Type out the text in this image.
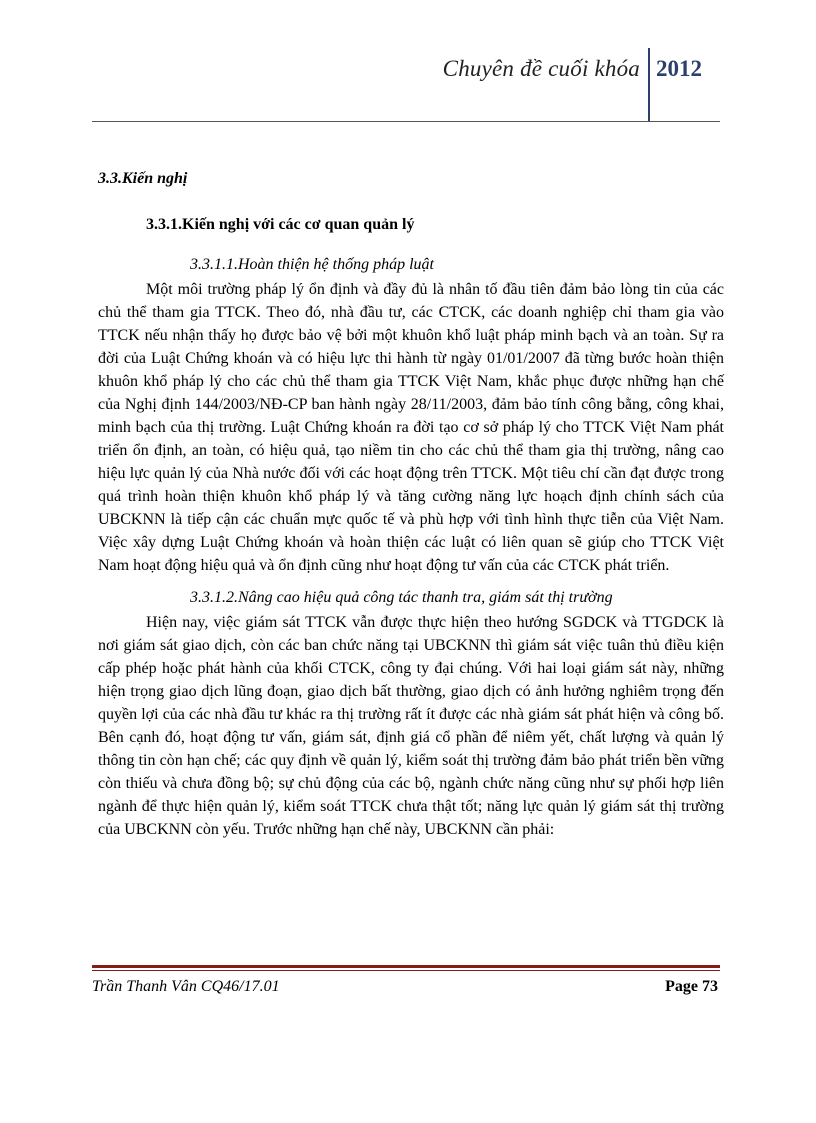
Chuyên đề cuối khóa 2012

3.3.Kiến nghị

3.3.1.Kiến nghị với các cơ quan quản lý

3.3.1.1.Hoàn thiện hệ thống pháp luật

Một môi trường pháp lý ổn định và đầy đủ là nhân tố đầu tiên đảm bảo lòng tin của các chủ thể tham gia TTCK. Theo đó, nhà đầu tư, các CTCK, các doanh nghiệp chỉ tham gia vào TTCK nếu nhận thấy họ được bảo vệ bởi một khuôn khổ luật pháp minh bạch và an toàn. Sự ra đời của Luật Chứng khoán và có hiệu lực thi hành từ ngày 01/01/2007 đã từng bước hoàn thiện khuôn khổ pháp lý cho các chủ thể tham gia TTCK Việt Nam, khắc phục được những hạn chế của Nghị định 144/2003/NĐ-CP ban hành ngày 28/11/2003, đảm bảo tính công bằng, công khai, minh bạch của thị trường. Luật Chứng khoán ra đời tạo cơ sở pháp lý cho TTCK Việt Nam phát triển ổn định, an toàn, có hiệu quả, tạo niềm tin cho các chủ thể tham gia thị trường, nâng cao hiệu lực quản lý của Nhà nước đối với các hoạt động trên TTCK. Một tiêu chí cần đạt được trong quá trình hoàn thiện khuôn khổ pháp lý và tăng cường năng lực hoạch định chính sách của UBCKNN là tiếp cận các chuẩn mực quốc tế và phù hợp với tình hình thực tiễn của Việt Nam. Việc xây dựng Luật Chứng khoán và hoàn thiện các luật có liên quan sẽ giúp cho TTCK Việt Nam hoạt động hiệu quả và ổn định cũng như hoạt động tư vấn của các CTCK phát triển.

3.3.1.2.Nâng cao hiệu quả công tác thanh tra, giám sát thị trường

Hiện nay, việc giám sát TTCK vẫn được thực hiện theo hướng SGDCK và TTGDCK là nơi giám sát giao dịch, còn các ban chức năng tại UBCKNN thì giám sát việc tuân thủ điều kiện cấp phép hoặc phát hành của khối CTCK, công ty đại chúng. Với hai loại giám sát này, những hiện trọng giao dịch lũng đoạn, giao dịch bất thường, giao dịch có ảnh hưởng nghiêm trọng đến quyền lợi của các nhà đầu tư khác ra thị trường rất ít được các nhà giám sát phát hiện và công bố. Bên cạnh đó, hoạt động tư vấn, giám sát, định giá cổ phần để niêm yết, chất lượng và quản lý thông tin còn hạn chế; các quy định về quản lý, kiểm soát thị trường đảm bảo phát triển bền vững còn thiếu và chưa đồng bộ; sự chủ động của các bộ, ngành chức năng cũng như sự phối hợp liên ngành để thực hiện quản lý, kiểm soát TTCK chưa thật tốt; năng lực quản lý giám sát thị trường của UBCKNN còn yếu. Trước những hạn chế này, UBCKNN cần phải:

Trần Thanh Vân CQ46/17.01	Page 73
